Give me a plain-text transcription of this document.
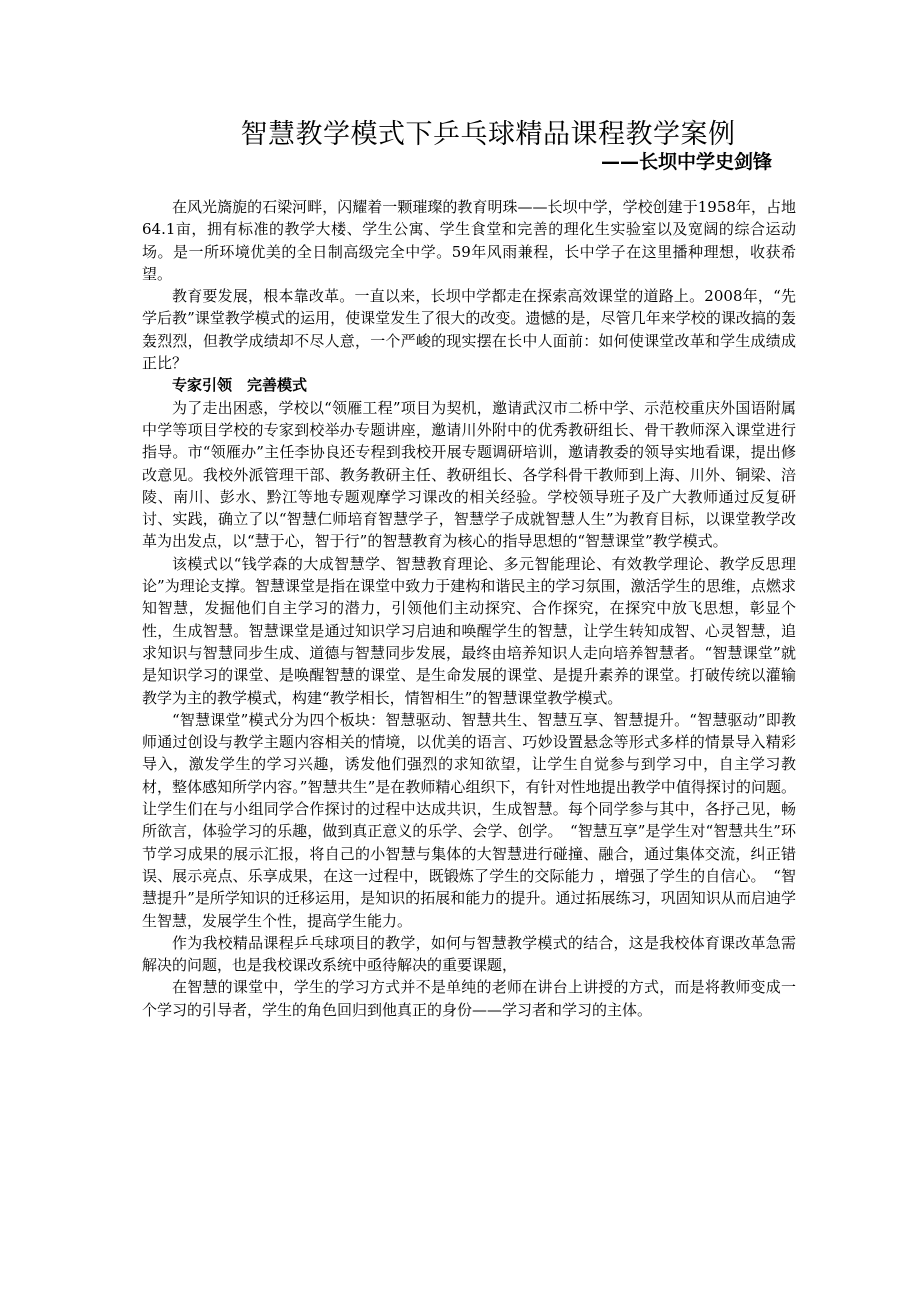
智慧教学模式下乒乓球精品课程教学案例
——长坝中学史剑锋

在风光旖旎的石梁河畔，闪耀着一颗璀璨的教育明珠——长坝中学，学校创建于1958年，占地64.1亩，拥有标准的教学大楼、学生公寓、学生食堂和完善的理化生实验室以及宽阔的综合运动场。是一所环境优美的全日制高级完全中学。59年风雨兼程，长中学子在这里播种理想，收获希望。

教育要发展，根本靠改革。一直以来，长坝中学都走在探索高效课堂的道路上。2008年，“先学后教”课堂教学模式的运用，使课堂发生了很大的改变。遗憾的是，尽管几年来学校的课改搞的轰轰烈烈，但教学成绩却不尽人意，一个严峻的现实摆在长中人面前：如何使课堂改革和学生成绩成正比？

专家引领　完善模式

为了走出困惑，学校以“领雁工程”项目为契机，邀请武汉市二桥中学、示范校重庆外国语附属中学等项目学校的专家到校举办专题讲座，邀请川外附中的优秀教研组长、骨干教师深入课堂进行指导。市“领雁办”主任李协良还专程到我校开展专题调研培训，邀请教委的领导实地看课，提出修改意见。我校外派管理干部、教务教研主任、教研组长、各学科骨干教师到上海、川外、铜梁、涪陵、南川、彭水、黔江等地专题观摩学习课改的相关经验。学校领导班子及广大教师通过反复研讨、实践，确立了以“智慧仁师培育智慧学子，智慧学子成就智慧人生”为教育目标，以课堂教学改革为出发点，以“慧于心，智于行”的智慧教育为核心的指导思想的“智慧课堂”教学模式。

该模式以“钱学森的大成智慧学、智慧教育理论、多元智能理论、有效教学理论、教学反思理论”为理论支撑。智慧课堂是指在课堂中致力于建构和谐民主的学习氛围，激活学生的思维，点燃求知智慧，发掘他们自主学习的潜力，引领他们主动探究、合作探究，在探究中放飞思想，彰显个性，生成智慧。智慧课堂是通过知识学习启迪和唤醒学生的智慧，让学生转知成智、心灵智慧，追求知识与智慧同步生成、道德与智慧同步发展，最终由培养知识人走向培养智慧者。“智慧课堂”就是知识学习的课堂、是唤醒智慧的课堂、是生命发展的课堂、是提升素养的课堂。打破传统以灌输教学为主的教学模式，构建“教学相长，情智相生”的智慧课堂教学模式。

“智慧课堂”模式分为四个板块：智慧驱动、智慧共生、智慧互享、智慧提升。“智慧驱动”即教师通过创设与教学主题内容相关的情境，以优美的语言、巧妙设置悬念等形式多样的情景导入精彩导入，激发学生的学习兴趣，诱发他们强烈的求知欲望，让学生自觉参与到学习中，自主学习教材，整体感知所学内容。”智慧共生”是在教师精心组织下，有针对性地提出教学中值得探讨的问题。让学生们在与小组同学合作探讨的过程中达成共识，生成智慧。每个同学参与其中，各抒己见，畅所欲言，体验学习的乐趣，做到真正意义的乐学、会学、创学。　“智慧互享”是学生对“智慧共生”环节学习成果的展示汇报，将自己的小智慧与集体的大智慧进行碰撞、融合，通过集体交流，纠正错误、展示亮点、乐享成果，在这一过程中，既锻炼了学生的交际能力 ，增强了学生的自信心。　“智慧提升”是所学知识的迁移运用，是知识的拓展和能力的提升。通过拓展练习，巩固知识从而启迪学生智慧，发展学生个性，提高学生能力。

作为我校精品课程乒乓球项目的教学，如何与智慧教学模式的结合，这是我校体育课改革急需解决的问题，也是我校课改系统中亟待解决的重要课题，

在智慧的课堂中，学生的学习方式并不是单纯的老师在讲台上讲授的方式，而是将教师变成一个学习的引导者，学生的角色回归到他真正的身份——学习者和学习的主体。
